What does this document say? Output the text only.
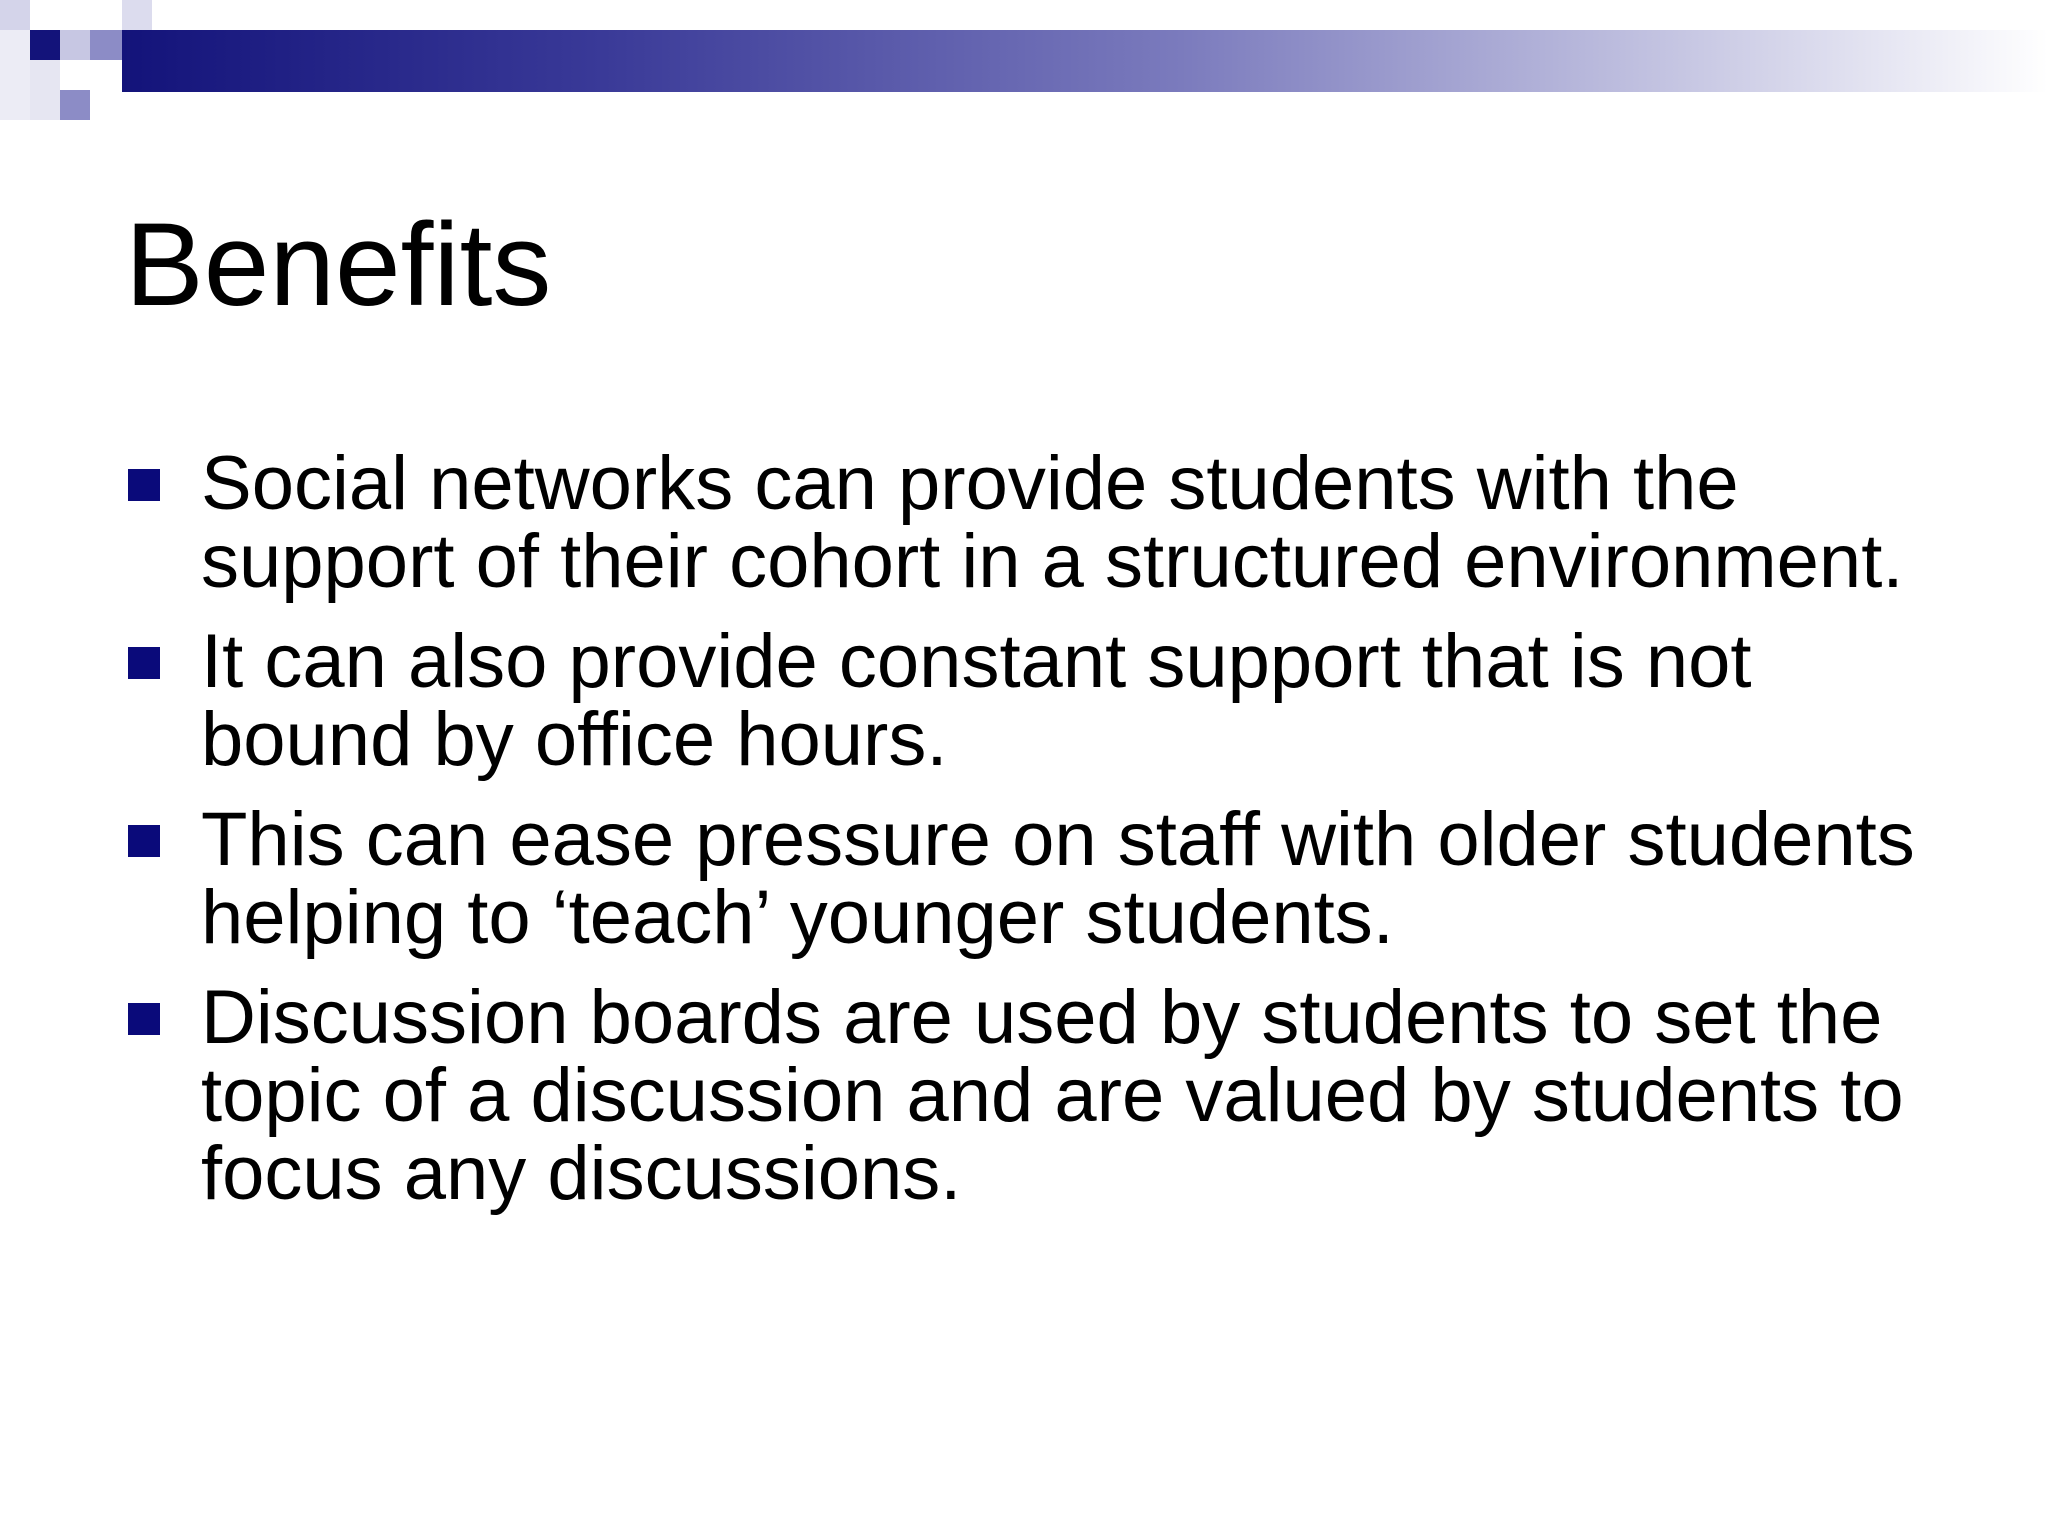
Benefits
Social networks can provide students with the support of their cohort in a structured environment.
It can also provide constant support that is not bound by office hours.
This can ease pressure on staff with older students helping to ‘teach’ younger students.
Discussion boards are used by students to set the topic of a discussion and are valued by students to focus any discussions.
